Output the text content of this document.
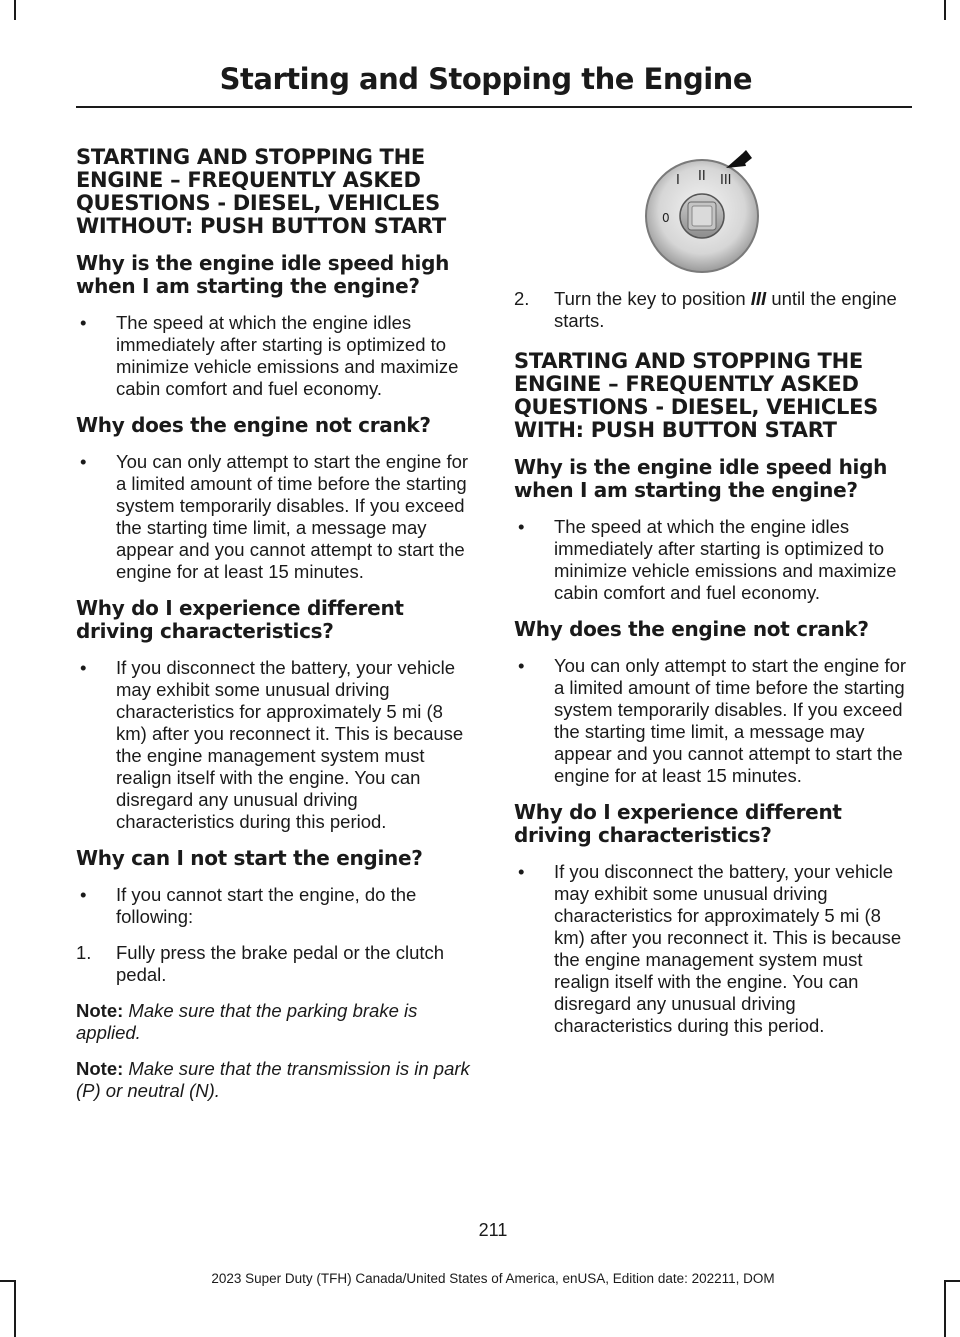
Starting and Stopping the Engine
STARTING AND STOPPING THE ENGINE – FREQUENTLY ASKED QUESTIONS - DIESEL, VEHICLES WITHOUT: PUSH BUTTON START
Why is the engine idle speed high when I am starting the engine?
• The speed at which the engine idles immediately after starting is optimized to minimize vehicle emissions and maximize cabin comfort and fuel economy.
Why does the engine not crank?
• You can only attempt to start the engine for a limited amount of time before the starting system temporarily disables. If you exceed the starting time limit, a message may appear and you cannot attempt to start the engine for at least 15 minutes.
Why do I experience different driving characteristics?
• If you disconnect the battery, your vehicle may exhibit some unusual driving characteristics for approximately 5 mi (8 km) after you reconnect it. This is because the engine management system must realign itself with the engine. You can disregard any unusual driving characteristics during this period.
Why can I not start the engine?
• If you cannot start the engine, do the following:
1. Fully press the brake pedal or the clutch pedal.

Note: Make sure that the parking brake is applied.

Note: Make sure that the transmission is in park (P) or neutral (N).

0
I II III
2. Turn the key to position III until the engine starts.
STARTING AND STOPPING THE ENGINE – FREQUENTLY ASKED QUESTIONS - DIESEL, VEHICLES WITH: PUSH BUTTON START
Why is the engine idle speed high when I am starting the engine?
• The speed at which the engine idles immediately after starting is optimized to minimize vehicle emissions and maximize cabin comfort and fuel economy.
Why does the engine not crank?
• You can only attempt to start the engine for a limited amount of time before the starting system temporarily disables. If you exceed the starting time limit, a message may appear and you cannot attempt to start the engine for at least 15 minutes.
Why do I experience different driving characteristics?
• If you disconnect the battery, your vehicle may exhibit some unusual driving characteristics for approximately 5 mi (8 km) after you reconnect it. This is because the engine management system must realign itself with the engine. You can disregard any unusual driving characteristics during this period.
211
2023 Super Duty (TFH) Canada/United States of America, enUSA, Edition date: 202211, DOM
